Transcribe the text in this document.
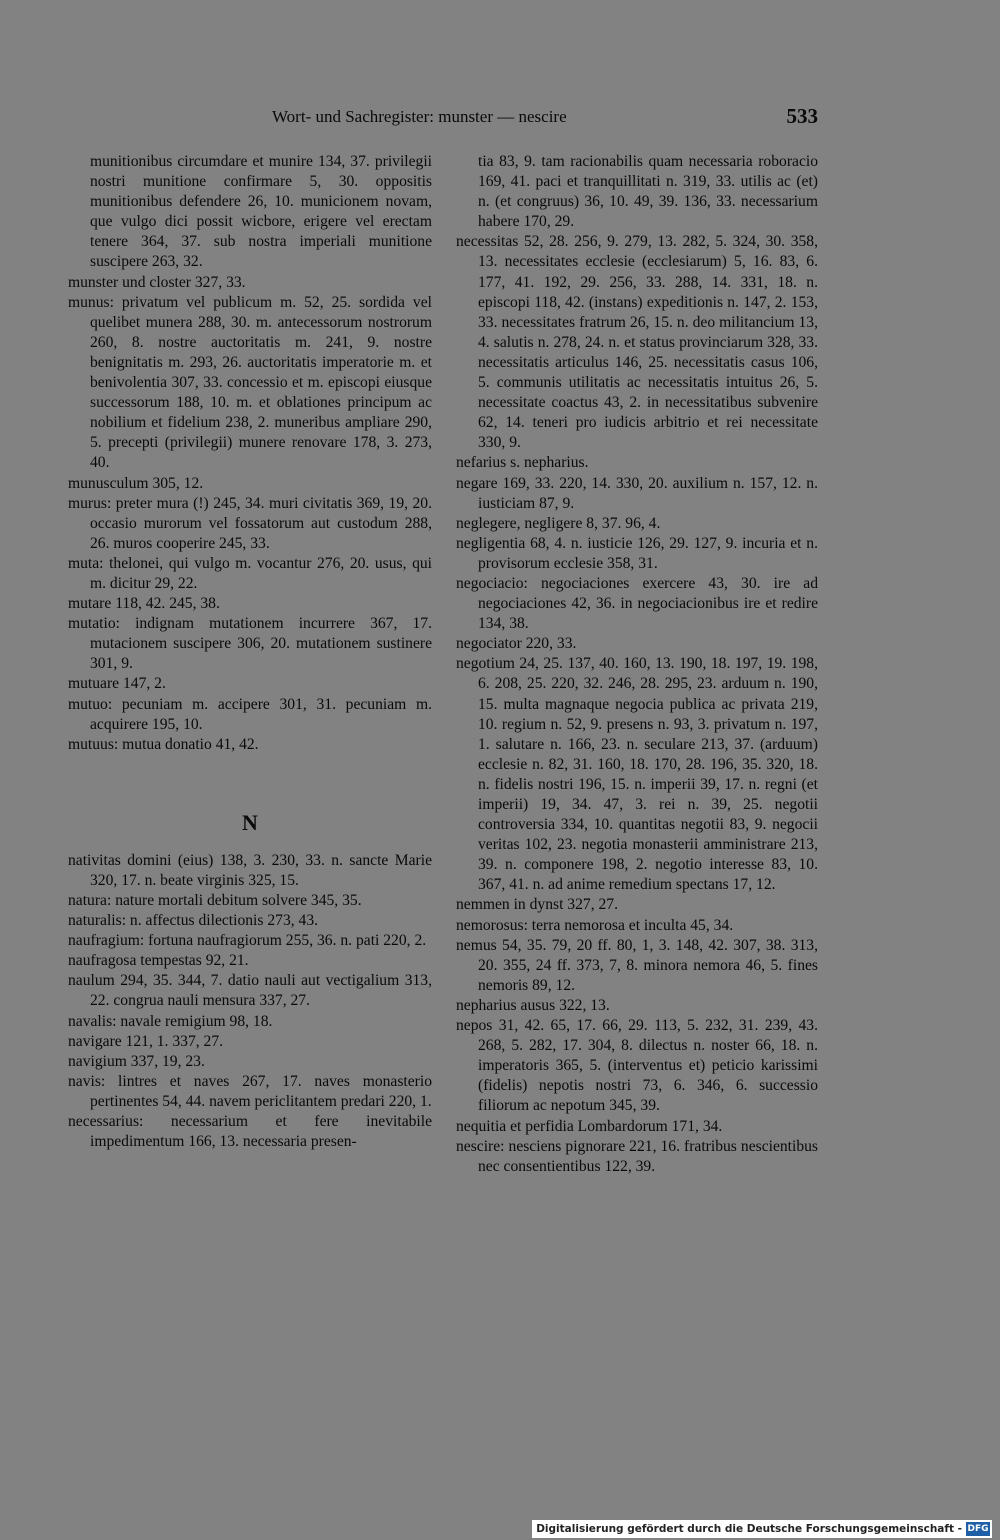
Wort- und Sachregister: munster — nescire	533

munitionibus circumdare et munire 134, 37. privilegii nostri munitione confirmare 5, 30. oppositis munitionibus defendere 26, 10. municionem novam, que vulgo dici possit wicbore, erigere vel erectam tenere 364, 37. sub nostra imperiali munitione suscipere 263, 32.

munster und closter 327, 33.

munus: privatum vel publicum m. 52, 25. sordida vel quelibet munera 288, 30. m. antecessorum nostrorum 260, 8. nostre auctoritatis m. 241, 9. nostre benignitatis m. 293, 26. auctoritatis imperatorie m. et benivolentia 307, 33. concessio et m. episcopi eiusque successorum 188, 10. m. et oblationes principum ac nobilium et fidelium 238, 2. muneribus ampliare 290, 5. precepti (privilegii) munere renovare 178, 3. 273, 40.

munusculum 305, 12.

murus: preter mura (!) 245, 34. muri civitatis 369, 19, 20. occasio murorum vel fossatorum aut custodum 288, 26. muros cooperire 245, 33.

muta: thelonei, qui vulgo m. vocantur 276, 20. usus, qui m. dicitur 29, 22.

mutare 118, 42. 245, 38.

mutatio: indignam mutationem incurrere 367, 17. mutacionem suscipere 306, 20. mutationem sustinere 301, 9.

mutuare 147, 2.

mutuo: pecuniam m. accipere 301, 31. pecuniam m. acquirere 195, 10.

mutuus: mutua donatio 41, 42.

N

nativitas domini (eius) 138, 3. 230, 33. n. sancte Marie 320, 17. n. beate virginis 325, 15.

natura: nature mortali debitum solvere 345, 35.

naturalis: n. affectus dilectionis 273, 43.

naufragium: fortuna naufragiorum 255, 36. n. pati 220, 2.

naufragosa tempestas 92, 21.

naulum 294, 35. 344, 7. datio nauli aut vectigalium 313, 22. congrua nauli mensura 337, 27.

navalis: navale remigium 98, 18.

navigare 121, 1. 337, 27.

navigium 337, 19, 23.

navis: lintres et naves 267, 17. naves monasterio pertinentes 54, 44. navem periclitantem predari 220, 1.

necessarius: necessarium et fere inevitabile impedimentum 166, 13. necessaria presen-

tia 83, 9. tam racionabilis quam necessaria roboracio 169, 41. paci et tranquillitati n. 319, 33. utilis ac (et) n. (et congruus) 36, 10. 49, 39. 136, 33. necessarium habere 170, 29.

necessitas 52, 28. 256, 9. 279, 13. 282, 5. 324, 30. 358, 13. necessitates ecclesie (ecclesiarum) 5, 16. 83, 6. 177, 41. 192, 29. 256, 33. 288, 14. 331, 18. n. episcopi 118, 42. (instans) expeditionis n. 147, 2. 153, 33. necessitates fratrum 26, 15. n. deo militancium 13, 4. salutis n. 278, 24. n. et status provinciarum 328, 33. necessitatis articulus 146, 25. necessitatis casus 106, 5. communis utilitatis ac necessitatis intuitus 26, 5. necessitate coactus 43, 2. in necessitatibus subvenire 62, 14. teneri pro iudicis arbitrio et rei necessitate 330, 9.

nefarius s. nepharius.

negare 169, 33. 220, 14. 330, 20. auxilium n. 157, 12. n. iusticiam 87, 9.

neglegere, negligere 8, 37. 96, 4.

negligentia 68, 4. n. iusticie 126, 29. 127, 9. incuria et n. provisorum ecclesie 358, 31.

negociacio: negociaciones exercere 43, 30. ire ad negociaciones 42, 36. in negociacionibus ire et redire 134, 38.

negociator 220, 33.

negotium 24, 25. 137, 40. 160, 13. 190, 18. 197, 19. 198, 6. 208, 25. 220, 32. 246, 28. 295, 23. arduum n. 190, 15. multa magnaque negocia publica ac privata 219, 10. regium n. 52, 9. presens n. 93, 3. privatum n. 197, 1. salutare n. 166, 23. n. seculare 213, 37. (arduum) ecclesie n. 82, 31. 160, 18. 170, 28. 196, 35. 320, 18. n. fidelis nostri 196, 15. n. imperii 39, 17. n. regni (et imperii) 19, 34. 47, 3. rei n. 39, 25. negotii controversia 334, 10. quantitas negotii 83, 9. negocii veritas 102, 23. negotia monasterii amministrare 213, 39. n. componere 198, 2. negotio interesse 83, 10. 367, 41. n. ad anime remedium spectans 17, 12.

nemmen in dynst 327, 27.

nemorosus: terra nemorosa et inculta 45, 34.

nemus 54, 35. 79, 20 ff. 80, 1, 3. 148, 42. 307, 38. 313, 20. 355, 24 ff. 373, 7, 8. minora nemora 46, 5. fines nemoris 89, 12.

nepharius ausus 322, 13.

nepos 31, 42. 65, 17. 66, 29. 113, 5. 232, 31. 239, 43. 268, 5. 282, 17. 304, 8. dilectus n. noster 66, 18. n. imperatoris 365, 5. (interventus et) peticio karissimi (fidelis) nepotis nostri 73, 6. 346, 6. successio filiorum ac nepotum 345, 39.

nequitia et perfidia Lombardorum 171, 34.

nescire: nesciens pignorare 221, 16. fratribus nescientibus nec consentientibus 122, 39.

Digitalisierung gefördert durch die Deutsche Forschungsgemeinschaft - DFG
